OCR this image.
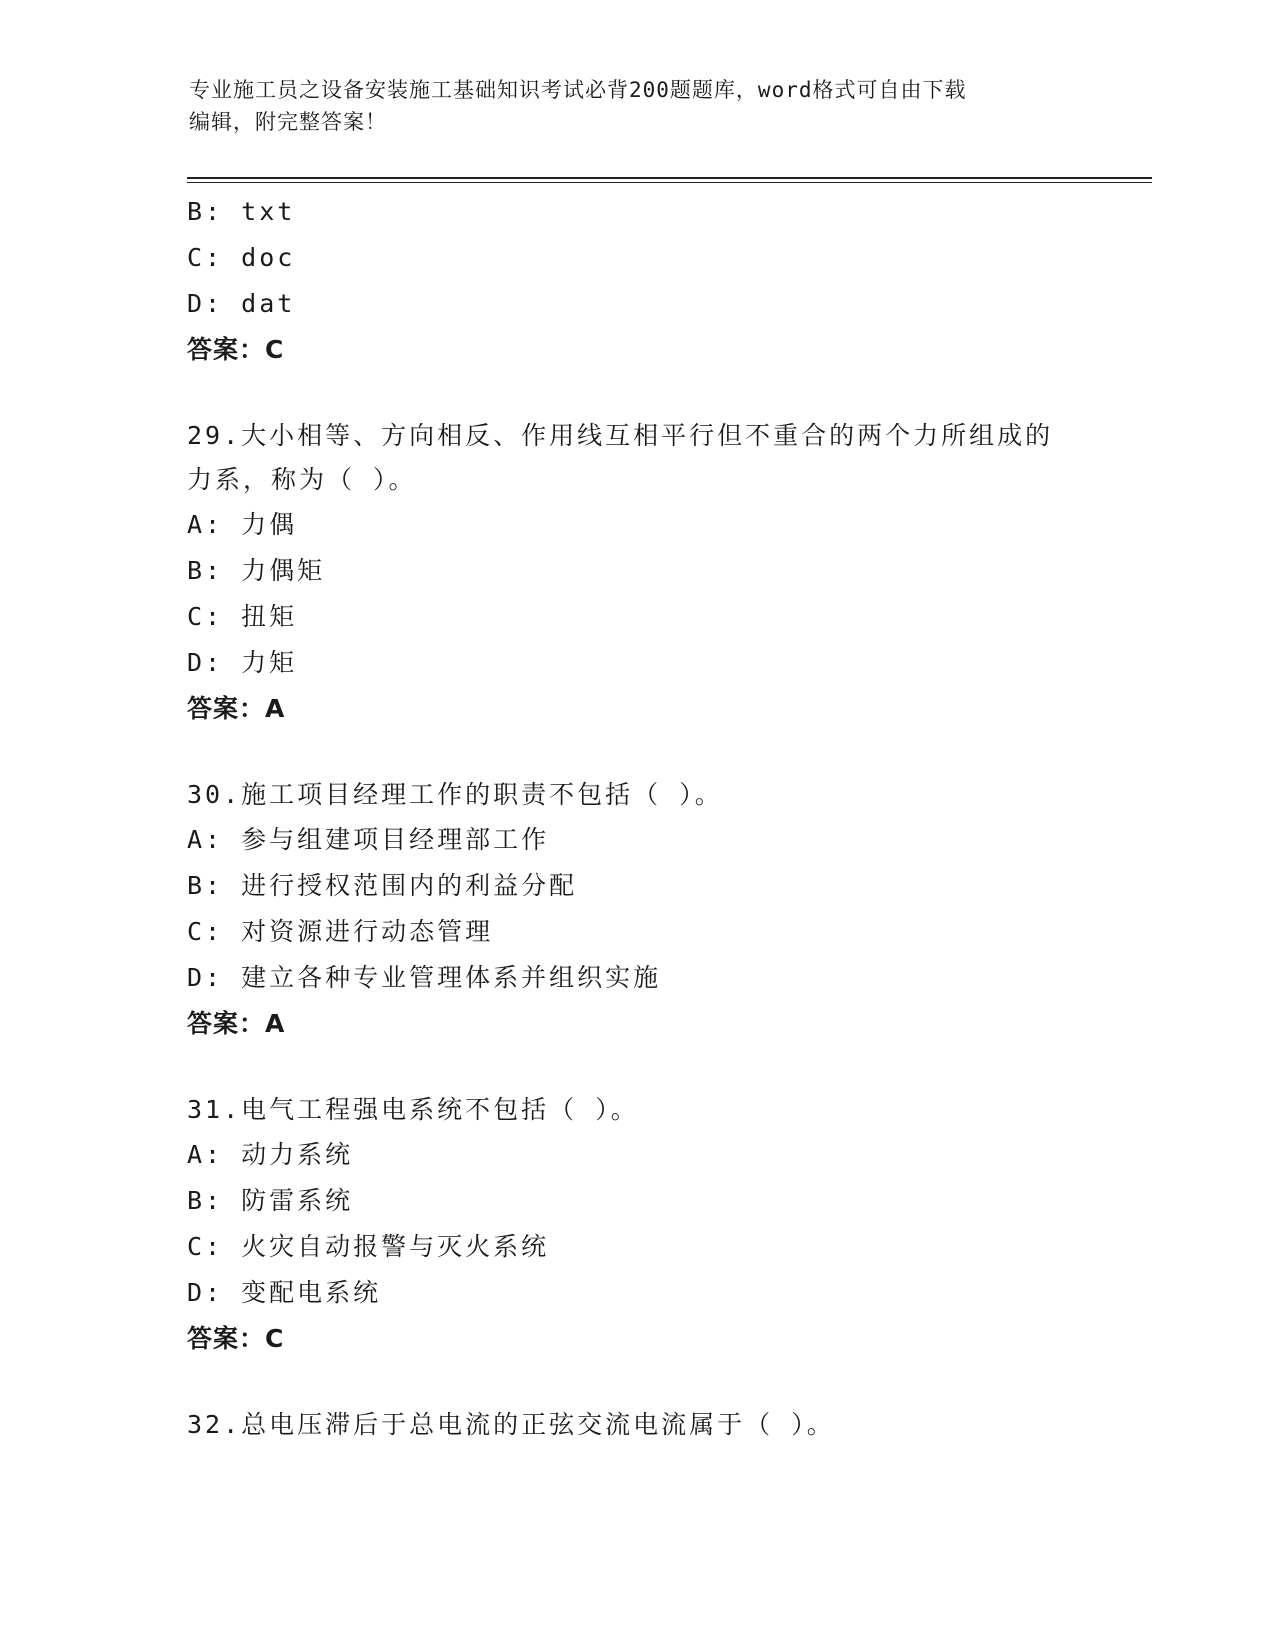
专业施工员之设备安装施工基础知识考试必背200题题库，word格式可自由下载
编辑，附完整答案！
B: txt
C: doc
D: dat
答案：C
29.大小相等、方向相反、作用线互相平行但不重合的两个力所组成的
力系，称为（ ）。
A: 力偶
B: 力偶矩
C: 扭矩
D: 力矩
答案：A
30.施工项目经理工作的职责不包括（ ）。
A: 参与组建项目经理部工作
B: 进行授权范围内的利益分配
C: 对资源进行动态管理
D: 建立各种专业管理体系并组织实施
答案：A
31.电气工程强电系统不包括（ ）。
A: 动力系统
B: 防雷系统
C: 火灾自动报警与灭火系统
D: 变配电系统
答案：C
32.总电压滞后于总电流的正弦交流电流属于（ ）。
